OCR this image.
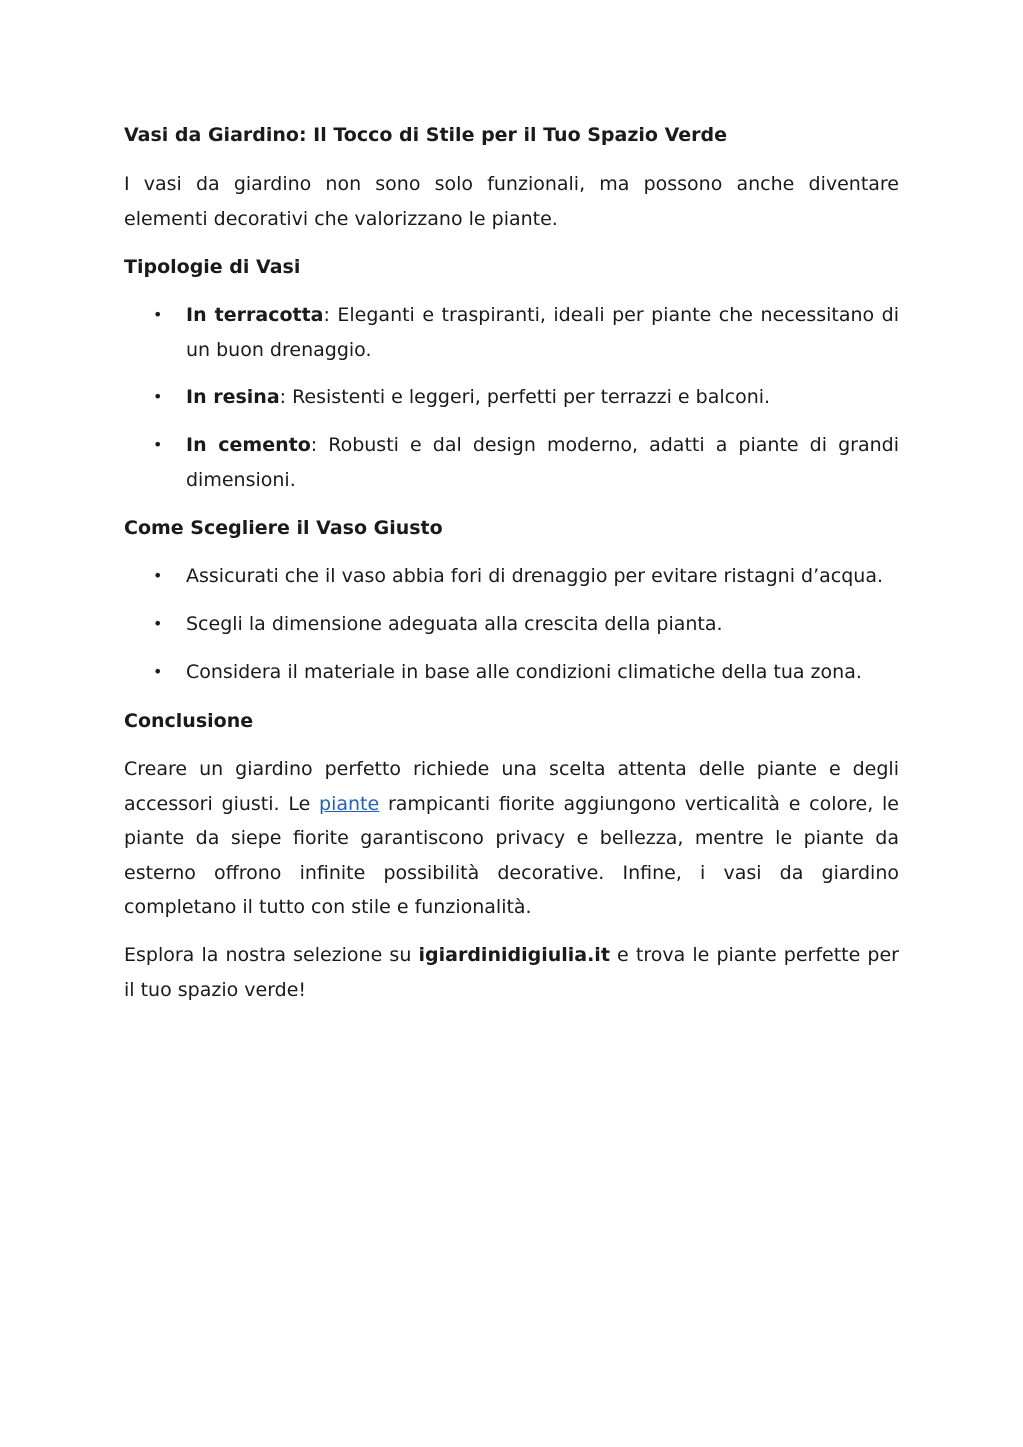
Vasi da Giardino: Il Tocco di Stile per il Tuo Spazio Verde

I vasi da giardino non sono solo funzionali, ma possono anche diventare elementi decorativi che valorizzano le piante.

Tipologie di Vasi
• In terracotta: Eleganti e traspiranti, ideali per piante che necessitano di un buon drenaggio.
• In resina: Resistenti e leggeri, perfetti per terrazzi e balconi.
• In cemento: Robusti e dal design moderno, adatti a piante di grandi dimensioni.
Come Scegliere il Vaso Giusto
• Assicurati che il vaso abbia fori di drenaggio per evitare ristagni d’acqua.
• Scegli la dimensione adeguata alla crescita della pianta.
• Considera il materiale in base alle condizioni climatiche della tua zona.
Conclusione

Creare un giardino perfetto richiede una scelta attenta delle piante e degli accessori giusti. Le piante rampicanti fiorite aggiungono verticalità e colore, le piante da siepe fiorite garantiscono privacy e bellezza, mentre le piante da esterno offrono infinite possibilità decorative. Infine, i vasi da giardino completano il tutto con stile e funzionalità.

Esplora la nostra selezione su igiardinidigiulia.it e trova le piante perfette per il tuo spazio verde!
